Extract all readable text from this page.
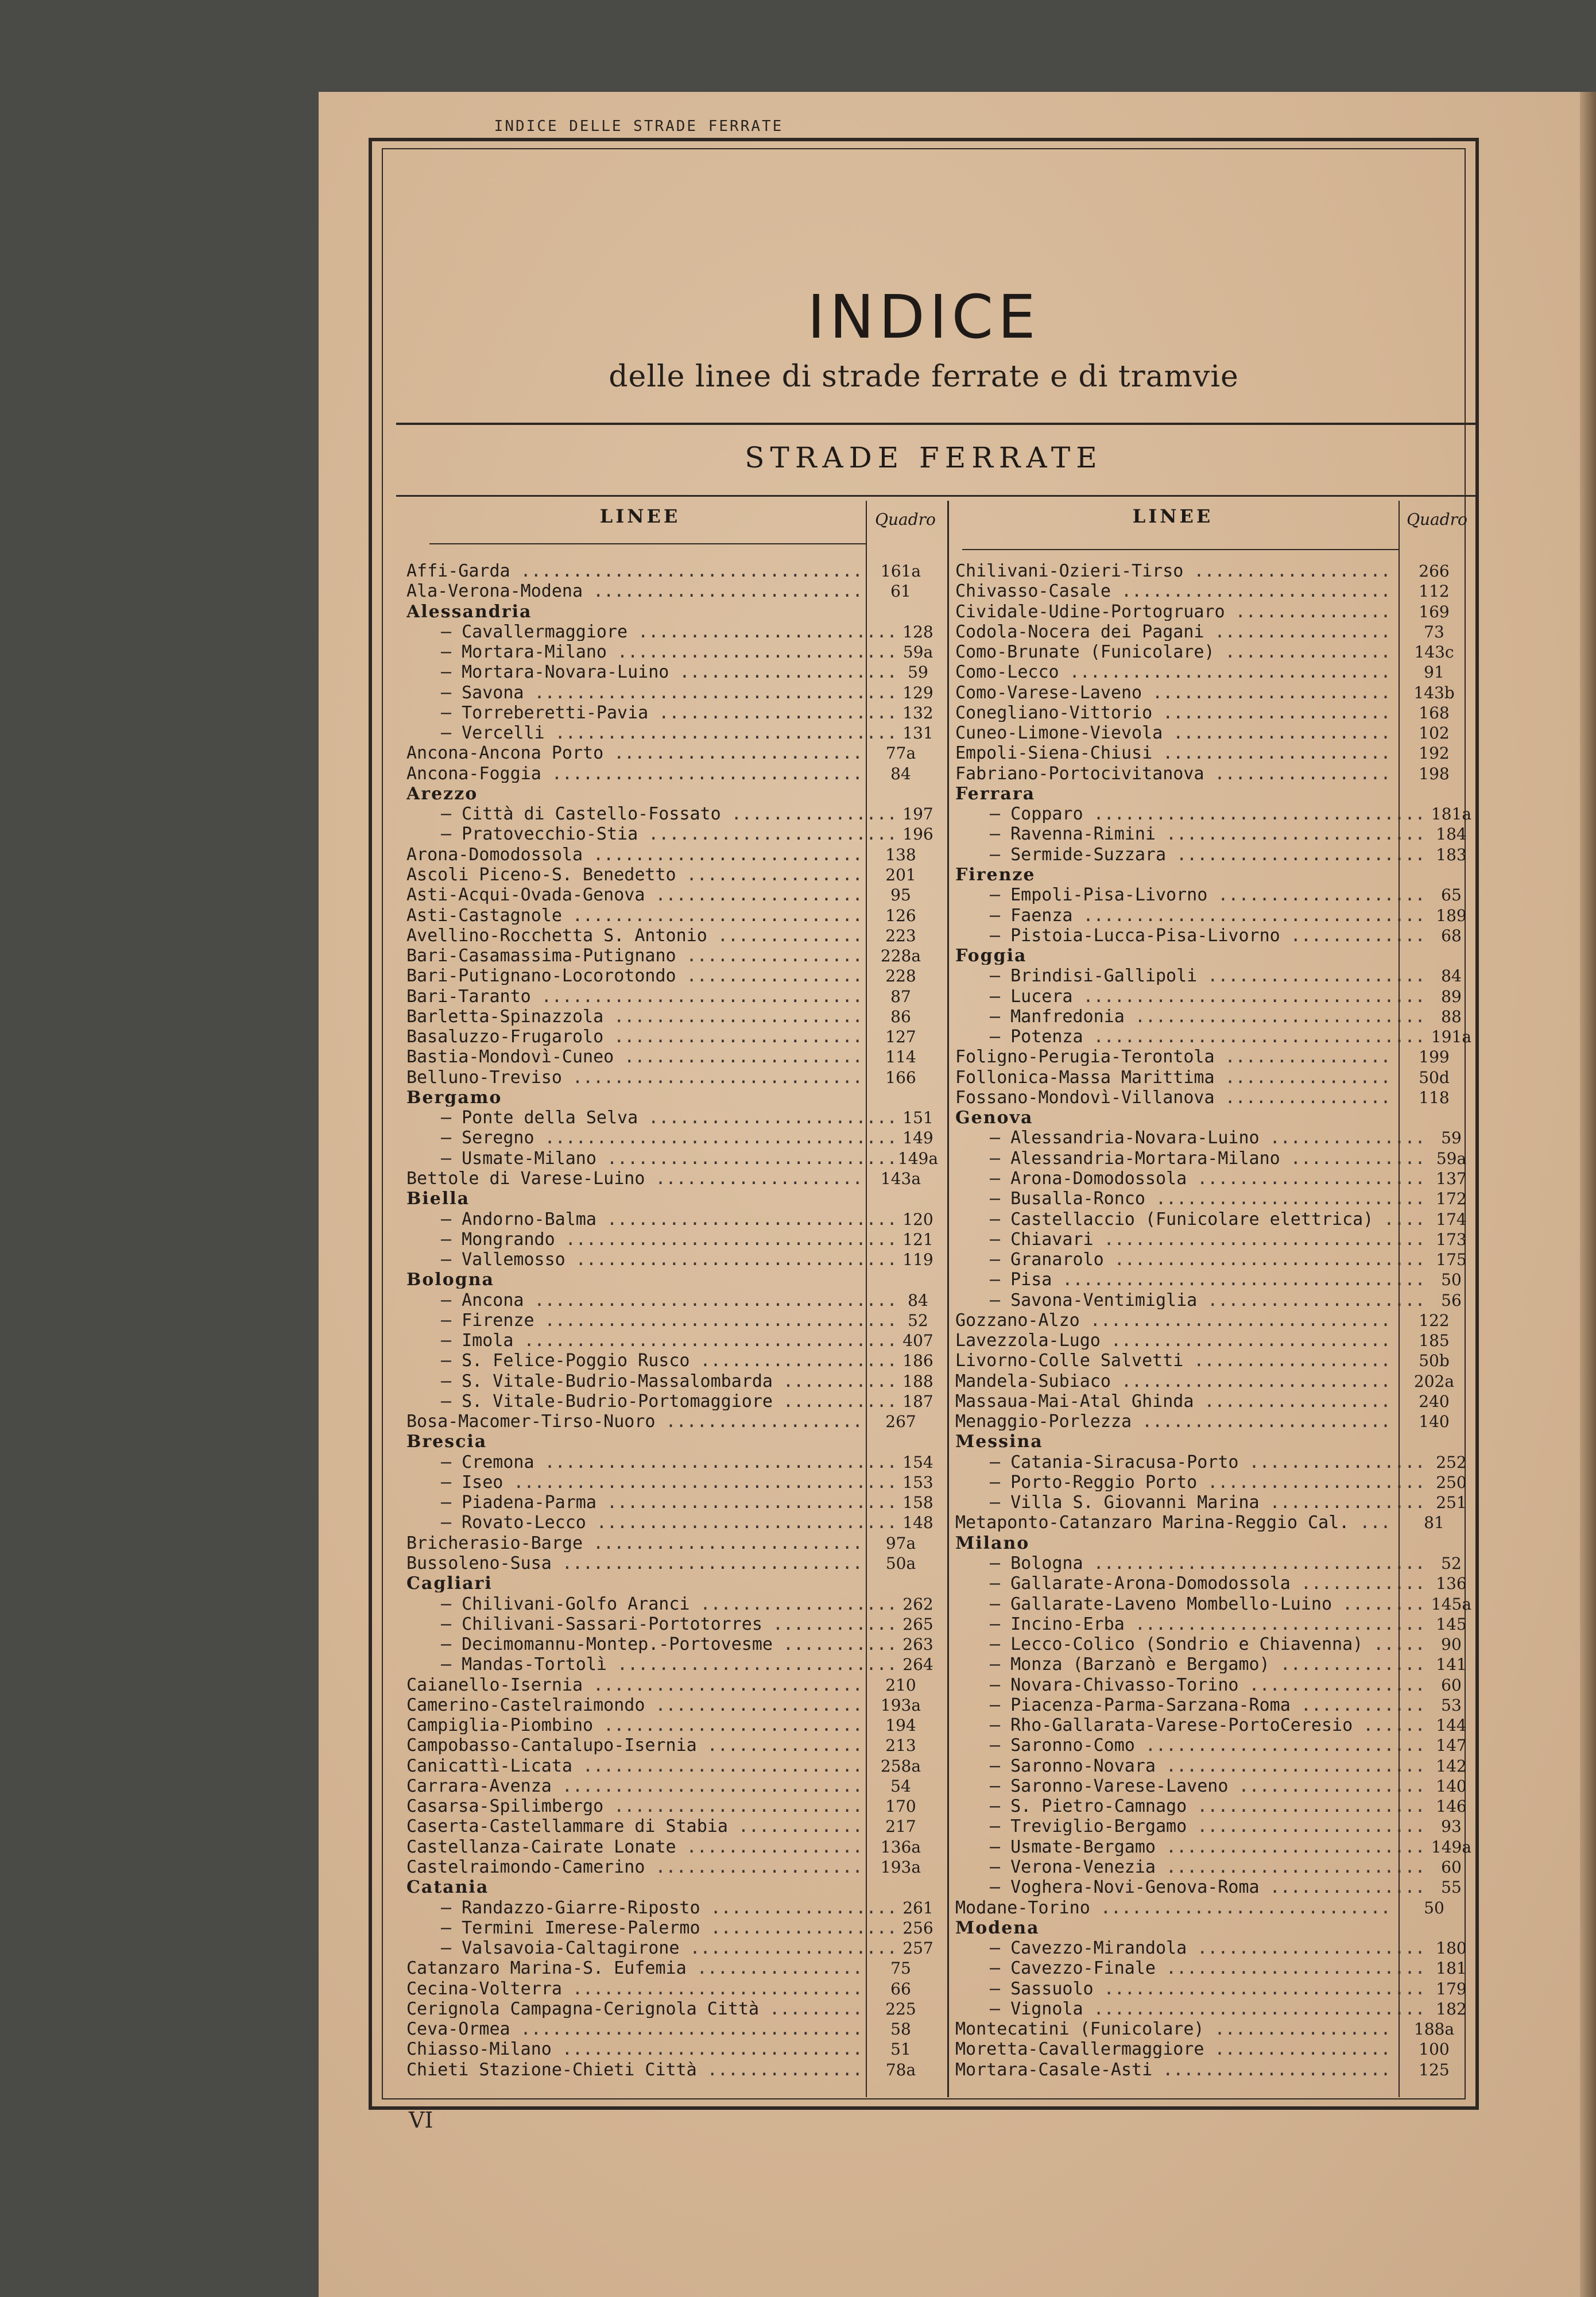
INDICE DELLE STRADE FERRATE
INDICE
delle linee di strade ferrate e di tramvie
STRADE FERRATE
LINEE	Quadro	LINEE	Quadro
Affi-Garda .....	161a
Ala-Verona-Modena .....	61
Alessandria
— Cavallermaggiore .....	128
— Mortara-Milano .....	59a
— Mortara-Novara-Luino .....	59
— Savona .....	129
— Torreberetti-Pavia .....	132
— Vercelli .....	131
Ancona-Ancona Porto .....	77a
Ancona-Foggia .....	84
Arezzo
— Città di Castello-Fossato .....	197
— Pratovecchio-Stia .....	196
Arona-Domodossola .....	138
Ascoli Piceno-S. Benedetto .....	201
Asti-Acqui-Ovada-Genova .....	95
Asti-Castagnole .....	126
Avellino-Rocchetta S. Antonio .....	223
Bari-Casamassima-Putignano .....	228a
Bari-Putignano-Locorotondo .....	228
Bari-Taranto .....	87
Barletta-Spinazzola .....	86
Basaluzzo-Frugarolo .....	127
Bastia-Mondovì-Cuneo .....	114
Belluno-Treviso .....	166
Bergamo
— Ponte della Selva .....	151
— Seregno .....	149
— Usmate-Milano .....	149a
Bettole di Varese-Luino .....	143a
Biella
— Andorno-Balma .....	120
— Mongrando .....	121
— Vallemosso .....	119
Bologna
— Ancona .....	84
— Firenze .....	52
— Imola .....	407
— S. Felice-Poggio Rusco .....	186
— S. Vitale-Budrio-Massalombarda .....	188
— S. Vitale-Budrio-Portomaggiore .....	187
Bosa-Macomer-Tirso-Nuoro .....	267
Brescia
— Cremona .....	154
— Iseo .....	153
— Piadena-Parma .....	158
— Rovato-Lecco .....	148
Bricherasio-Barge .....	97a
Bussoleno-Susa .....	50a
Cagliari
— Chilivani-Golfo Aranci .....	262
— Chilivani-Sassari-Portotorres .....	265
— Decimomannu-Montep.-Portovesme .....	263
— Mandas-Tortolì .....	264
Caianello-Isernia .....	210
Camerino-Castelraimondo .....	193a
Campiglia-Piombino .....	194
Campobasso-Cantalupo-Isernia .....	213
Canicattì-Licata .....	258a
Carrara-Avenza .....	54
Casarsa-Spilimbergo .....	170
Caserta-Castellammare di Stabia .....	217
Castellanza-Cairate Lonate .....	136a
Castelraimondo-Camerino .....	193a
Catania
— Randazzo-Giarre-Riposto .....	261
— Termini Imerese-Palermo .....	256
— Valsavoia-Caltagirone .....	257
Catanzaro Marina-S. Eufemia .....	75
Cecina-Volterra .....	66
Cerignola Campagna-Cerignola Città .....	225
Ceva-Ormea .....	58
Chiasso-Milano .....	51
Chieti Stazione-Chieti Città .....	78a
Chilivani-Ozieri-Tirso .....	266
Chivasso-Casale .....	112
Cividale-Udine-Portogruaro .....	169
Codola-Nocera dei Pagani .....	73
Como-Brunate (Funicolare) .....	143c
Como-Lecco .....	91
Como-Varese-Laveno .....	143b
Conegliano-Vittorio .....	168
Cuneo-Limone-Vievola .....	102
Empoli-Siena-Chiusi .....	192
Fabriano-Portocivitanova .....	198
Ferrara
— Copparo .....	181a
— Ravenna-Rimini .....	184
— Sermide-Suzzara .....	183
Firenze
— Empoli-Pisa-Livorno .....	65
— Faenza .....	189
— Pistoia-Lucca-Pisa-Livorno .....	68
Foggia
— Brindisi-Gallipoli .....	84
— Lucera .....	89
— Manfredonia .....	88
— Potenza .....	191a
Foligno-Perugia-Terontola .....	199
Follonica-Massa Marittima .....	50d
Fossano-Mondovì-Villanova .....	118
Genova
— Alessandria-Novara-Luino .....	59
— Alessandria-Mortara-Milano .....	59a
— Arona-Domodossola .....	137
— Busalla-Ronco .....	172
— Castellaccio (Funicolare elettrica) .....	174
— Chiavari .....	173
— Granarolo .....	175
— Pisa .....	50
— Savona-Ventimiglia .....	56
Gozzano-Alzo .....	122
Lavezzola-Lugo .....	185
Livorno-Colle Salvetti .....	50b
Mandela-Subiaco .....	202a
Massaua-Mai-Atal Ghinda .....	240
Menaggio-Porlezza .....	140
Messina
— Catania-Siracusa-Porto .....	252
— Porto-Reggio Porto .....	250
— Villa S. Giovanni Marina .....	251
Metaponto-Catanzaro Marina-Reggio Cal. .....	81
Milano
— Bologna .....	52
— Gallarate-Arona-Domodossola .....	136
— Gallarate-Laveno Mombello-Luino .....	145a
— Incino-Erba .....	145
— Lecco-Colico (Sondrio e Chiavenna) .....	90
— Monza (Barzanò e Bergamo) .....	141
— Novara-Chivasso-Torino .....	60
— Piacenza-Parma-Sarzana-Roma .....	53
— Rho-Gallarata-Varese-PortoCeresio .....	144
— Saronno-Como .....	147
— Saronno-Novara .....	142
— Saronno-Varese-Laveno .....	140
— S. Pietro-Camnago .....	146
— Treviglio-Bergamo .....	93
— Usmate-Bergamo .....	149a
— Verona-Venezia .....	60
— Voghera-Novi-Genova-Roma .....	55
Modane-Torino .....	50
Modena
— Cavezzo-Mirandola .....	180
— Cavezzo-Finale .....	181
— Sassuolo .....	179
— Vignola .....	182
Montecatini (Funicolare) .....	188a
Moretta-Cavallermaggiore .....	100
Mortara-Casale-Asti .....	125
VI
